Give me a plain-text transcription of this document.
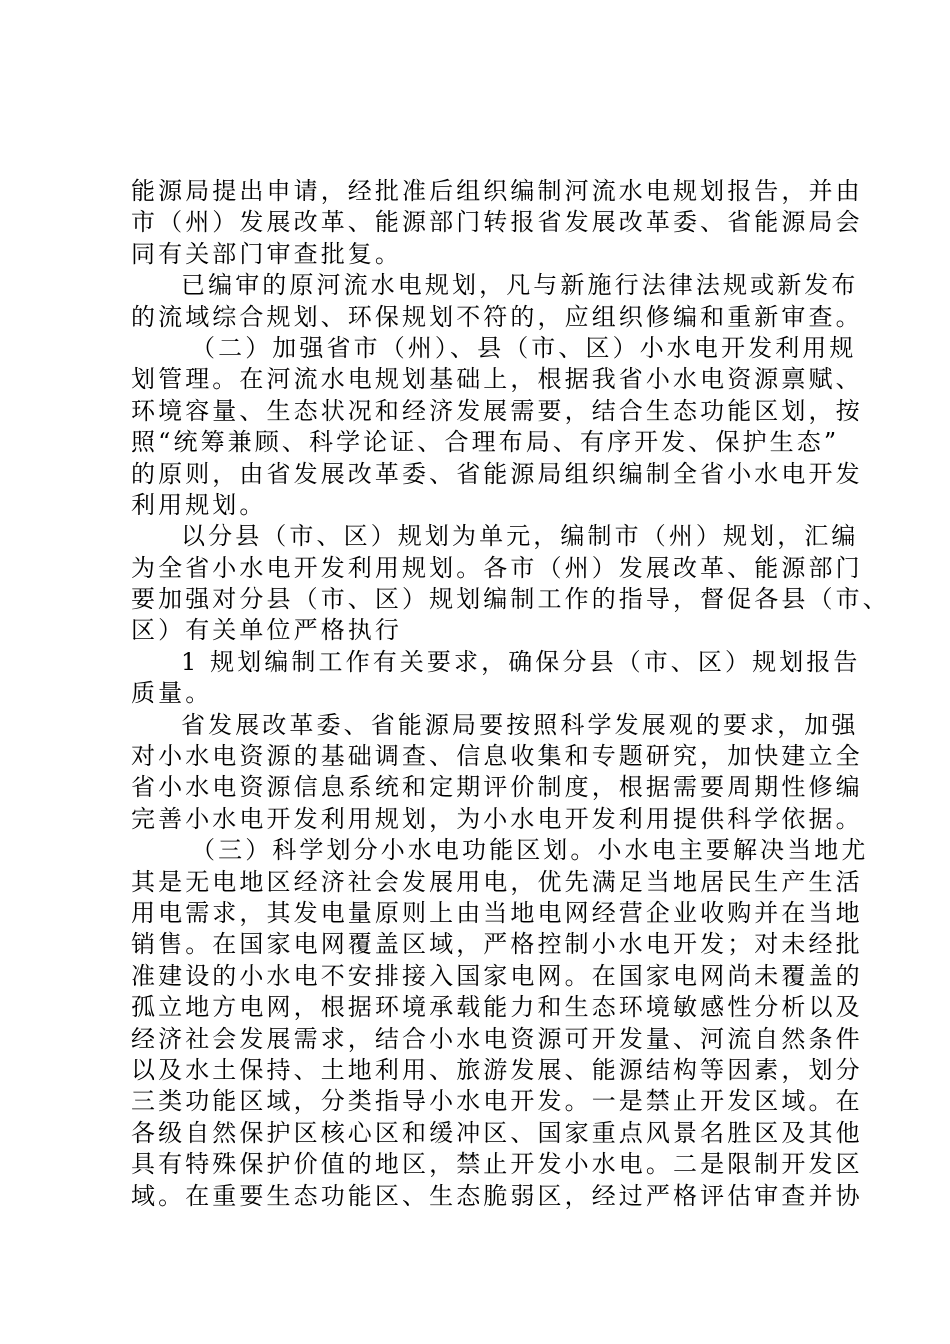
能源局提出申请，经批准后组织编制河流水电规划报告，并由
市（州）发展改革、能源部门转报省发展改革委、省能源局会
同有关部门审查批复。
已编审的原河流水电规划，凡与新施行法律法规或新发布
的流域综合规划、环保规划不符的，应组织修编和重新审查。
（二）加强省市（州）、县（市、区）小水电开发利用规
划管理。在河流水电规划基础上，根据我省小水电资源禀赋、
环境容量、生态状况和经济发展需要，结合生态功能区划，按
照“统筹兼顾、科学论证、合理布局、有序开发、保护生态”
的原则，由省发展改革委、省能源局组织编制全省小水电开发
利用规划。
以分县（市、区）规划为单元，编制市（州）规划，汇编
为全省小水电开发利用规划。各市（州）发展改革、能源部门
要加强对分县（市、区）规划编制工作的指导，督促各县（市、
区）有关单位严格执行
1 规划编制工作有关要求，确保分县（市、区）规划报告
质量。
省发展改革委、省能源局要按照科学发展观的要求，加强
对小水电资源的基础调查、信息收集和专题研究，加快建立全
省小水电资源信息系统和定期评价制度，根据需要周期性修编
完善小水电开发利用规划，为小水电开发利用提供科学依据。
（三）科学划分小水电功能区划。小水电主要解决当地尤
其是无电地区经济社会发展用电，优先满足当地居民生产生活
用电需求，其发电量原则上由当地电网经营企业收购并在当地
销售。在国家电网覆盖区域，严格控制小水电开发；对未经批
准建设的小水电不安排接入国家电网。在国家电网尚未覆盖的
孤立地方电网，根据环境承载能力和生态环境敏感性分析以及
经济社会发展需求，结合小水电资源可开发量、河流自然条件
以及水土保持、土地利用、旅游发展、能源结构等因素，划分
三类功能区域，分类指导小水电开发。一是禁止开发区域。在
各级自然保护区核心区和缓冲区、国家重点风景名胜区及其他
具有特殊保护价值的地区，禁止开发小水电。二是限制开发区
域。在重要生态功能区、生态脆弱区，经过严格评估审查并协
